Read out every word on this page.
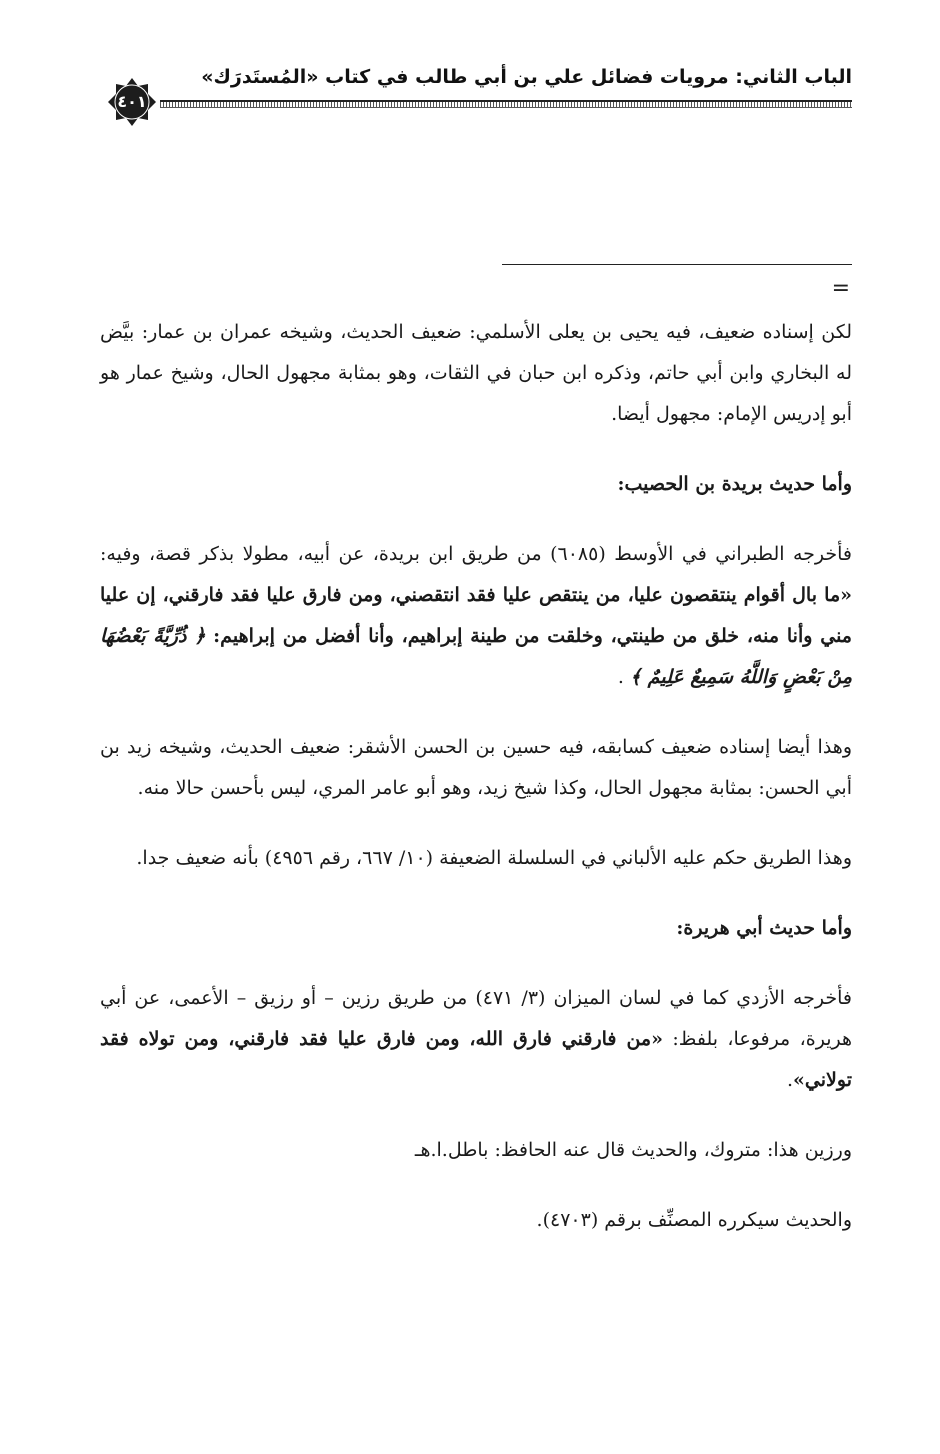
الباب الثاني: مرويات فضائل علي بن أبي طالب في كتاب «المُستَدرَك»
٤٠١
=

لكن إسناده ضعيف، فيه يحيى بن يعلى الأسلمي: ضعيف الحديث، وشيخه عمران بن عمار: بيَّض له البخاري وابن أبي حاتم، وذكره ابن حبان في الثقات، وهو بمثابة مجهول الحال، وشيخ عمار هو أبو إدريس الإمام: مجهول أيضا.

وأما حديث بريدة بن الحصيب:

فأخرجه الطبراني في الأوسط (٦٠٨٥) من طريق ابن بريدة، عن أبيه، مطولا بذكر قصة، وفيه: «ما بال أقوام ينتقصون عليا، من ينتقص عليا فقد انتقصني، ومن فارق عليا فقد فارقني، إن عليا مني وأنا منه، خلق من طينتي، وخلقت من طينة إبراهيم، وأنا أفضل من إبراهيم: ﴿ ذُرِّيَّةً بَعْضُهَا مِنْ بَعْضٍ وَاللَّهُ سَمِيعٌ عَلِيمٌ ﴾ .

وهذا أيضا إسناده ضعيف كسابقه، فيه حسين بن الحسن الأشقر: ضعيف الحديث، وشيخه زيد بن أبي الحسن: بمثابة مجهول الحال، وكذا شيخ زيد، وهو أبو عامر المري، ليس بأحسن حالا منه.

وهذا الطريق حكم عليه الألباني في السلسلة الضعيفة (١٠/ ٦٦٧، رقم ٤٩٥٦) بأنه ضعيف جدا.

وأما حديث أبي هريرة:

فأخرجه الأزدي كما في لسان الميزان (٣/ ٤٧١) من طريق رزين – أو رزيق – الأعمى، عن أبي هريرة، مرفوعا، بلفظ: «من فارقني فارق الله، ومن فارق عليا فقد فارقني، ومن تولاه فقد تولاني».

ورزين هذا: متروك، والحديث قال عنه الحافظ: باطل.ا.هـ

والحديث سيكرره المصنِّف برقم (٤٧٠٣).
